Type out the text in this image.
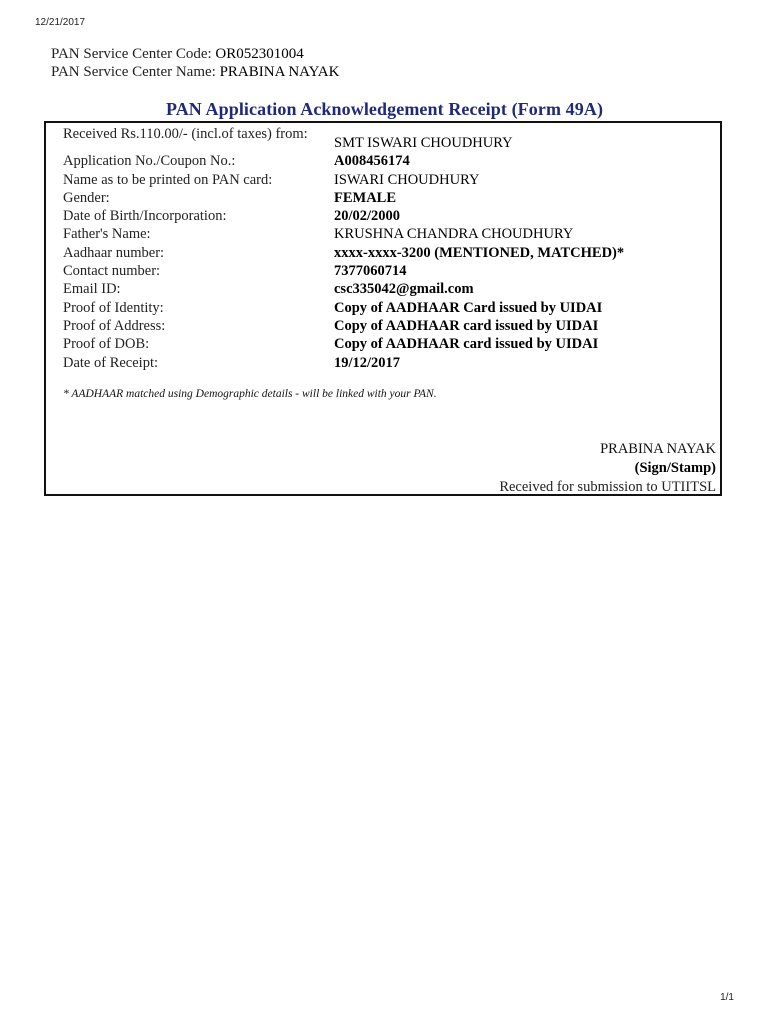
12/21/2017
PAN Service Center Code: OR052301004
PAN Service Center Name: PRABINA NAYAK
PAN Application Acknowledgement Receipt (Form 49A)
Received Rs.110.00/- (incl.of taxes) from:
SMT ISWARI CHOUDHURY
Application No./Coupon No.:	A008456174
Name as to be printed on PAN card:	ISWARI CHOUDHURY
Gender:	FEMALE
Date of Birth/Incorporation:	20/02/2000
Father's Name:	KRUSHNA CHANDRA CHOUDHURY
Aadhaar number:	xxxx-xxxx-3200 (MENTIONED, MATCHED)*
Contact number:	7377060714
Email ID:	csc335042@gmail.com
Proof of Identity:	Copy of AADHAAR Card issued by UIDAI
Proof of Address:	Copy of AADHAAR card issued by UIDAI
Proof of DOB:	Copy of AADHAAR card issued by UIDAI
Date of Receipt:	19/12/2017
* AADHAAR matched using Demographic details - will be linked with your PAN.
PRABINA NAYAK
(Sign/Stamp)
Received for submission to UTIITSL
1/1
